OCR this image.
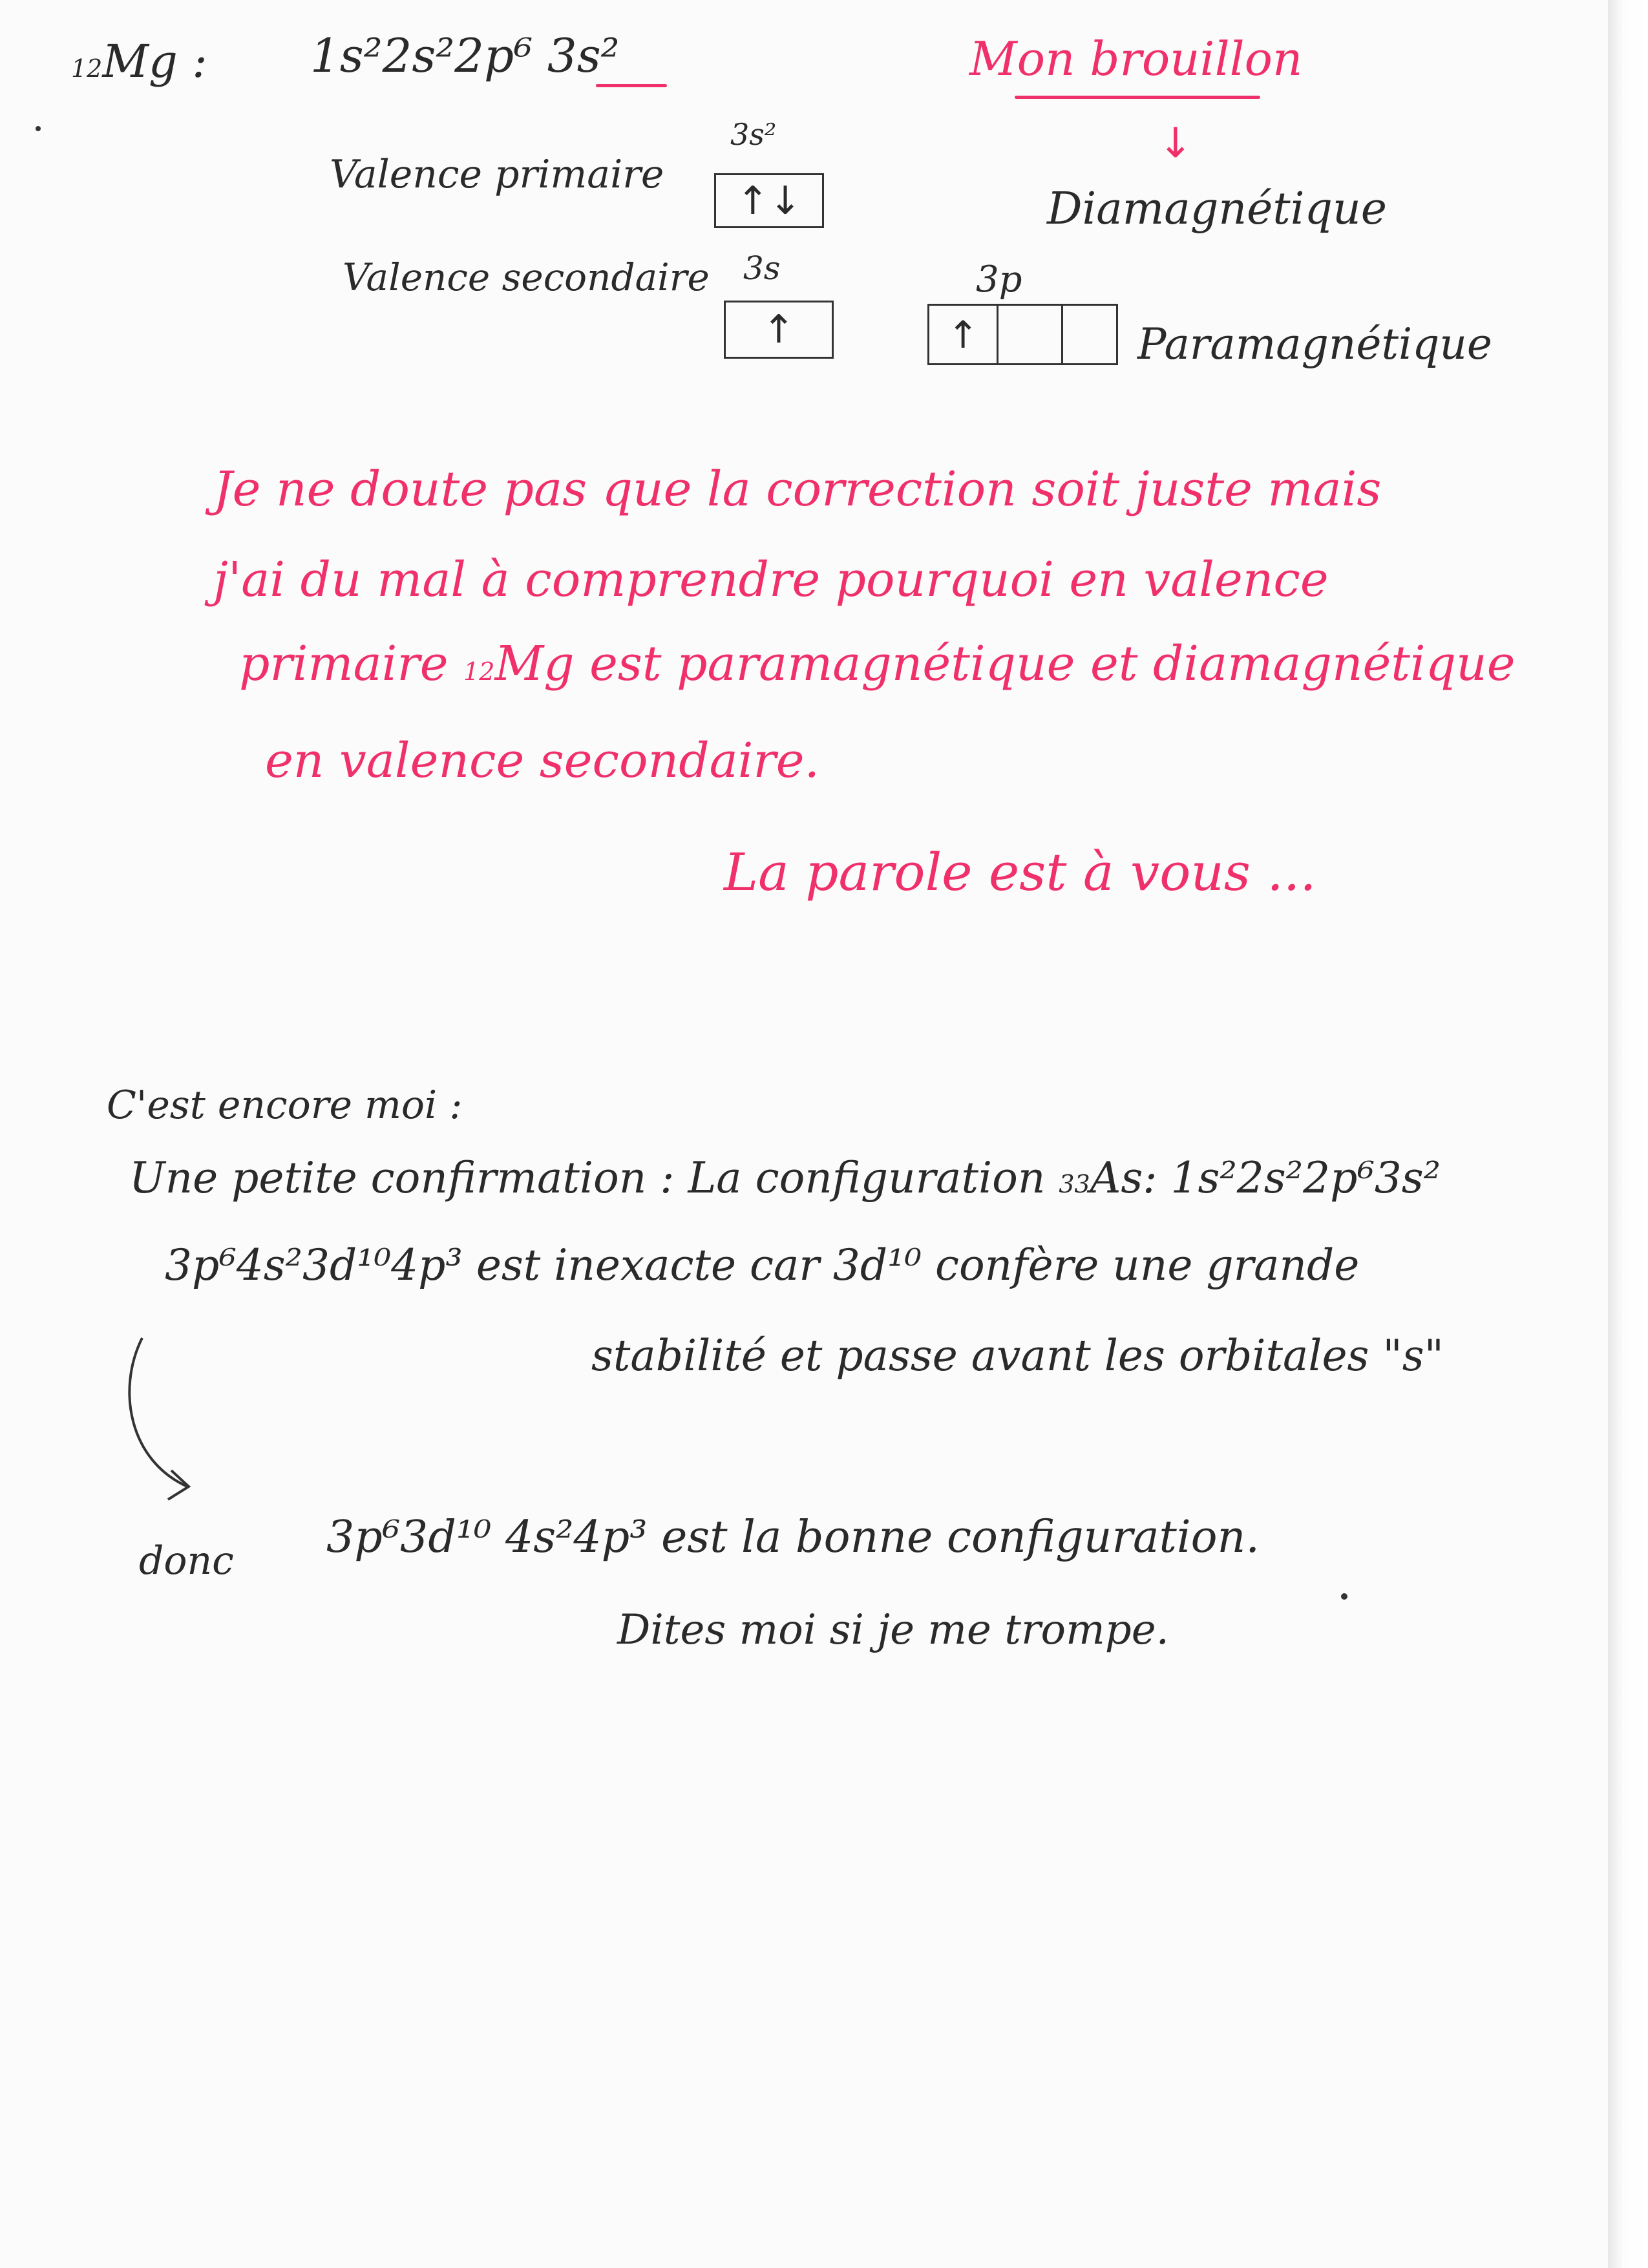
12Mg : 1s²2s²2p⁶ 3s²	Mon brouillon
↓
Valence primaire
3s²
↑↓	Diamagnétique
Valence secondaire 3s
↑
3p
↑	Paramagnétique
Je ne doute pas que la correction soit juste mais
j'ai du mal à comprendre pourquoi en valence
primaire 12Mg est paramagnétique et diamagnétique
en valence secondaire.
La parole est à vous ...
C'est encore moi :
Une petite confirmation : La configuration 33As: 1s²2s²2p⁶3s²
3p⁶4s²3d¹⁰4p³ est inexacte car 3d¹⁰ confère une grande
stabilité et passe avant les orbitales "s"
donc 3p⁶3d¹⁰ 4s²4p³ est la bonne configuration.
Dites moi si je me trompe.
